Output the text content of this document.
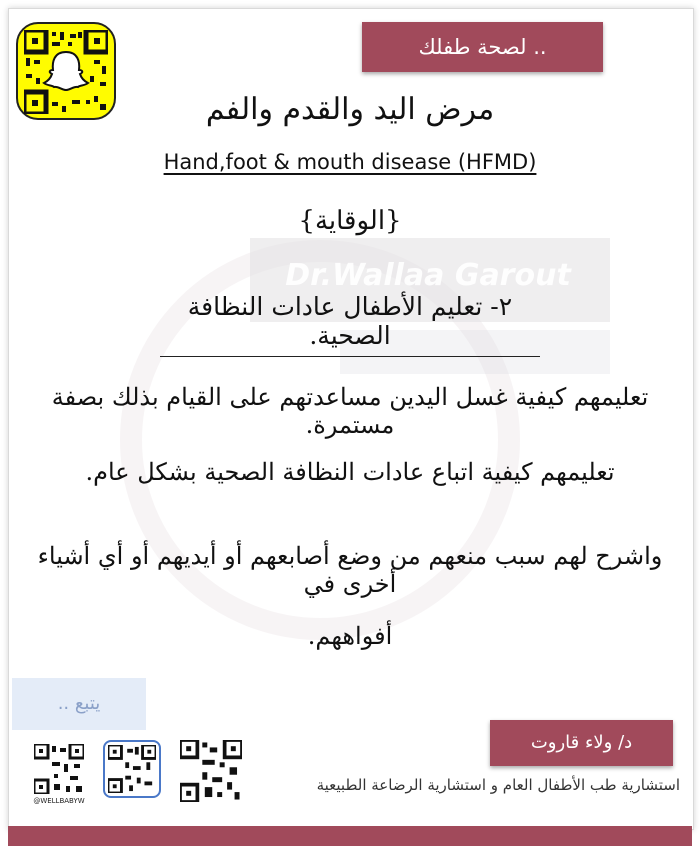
Dr.Wallaa Garout
لصحة طفلك ..
مرض اليد والقدم والفم
Hand,foot & mouth disease (HFMD)
{الوقاية}
٢- تعليم الأطفال عادات النظافة الصحية.
تعليمهم كيفية غسل اليدين مساعدتهم على القيام بذلك بصفة مستمرة.
تعليمهم كيفية اتباع عادات النظافة الصحية بشكل عام.
واشرح لهم سبب منعهم من وضع أصابعهم أو أيديهم أو أي أشياء أخرى في
أفواههم.
يتبع ..
@WELLBABYW
د/ ولاء قاروت
استشارية طب الأطفال العام و استشارية الرضاعة الطبيعية
